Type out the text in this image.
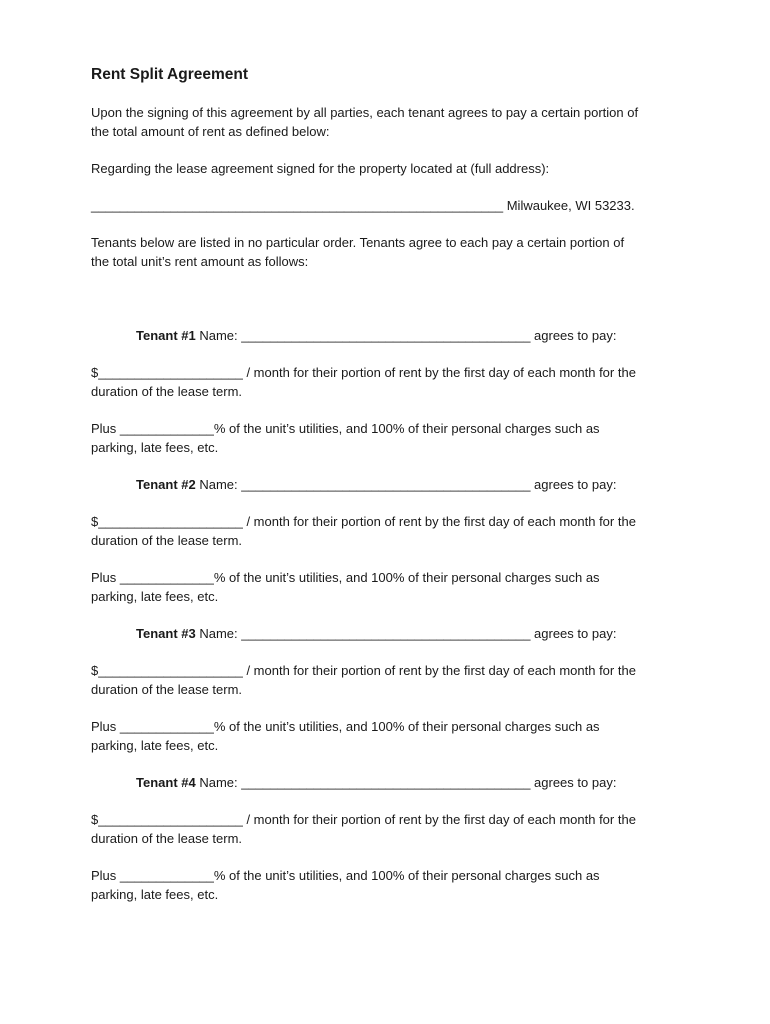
Rent Split Agreement
Upon the signing of this agreement by all parties, each tenant agrees to pay a certain portion of
the total amount of rent as defined below:
Regarding the lease agreement signed for the property located at (full address):
_________________________________________________________ Milwaukee, WI 53233.
Tenants below are listed in no particular order. Tenants agree to each pay a certain portion of
the total unit’s rent amount as follows:
Tenant #1 Name: ________________________________________ agrees to pay:
$____________________ / month for their portion of rent by the first day of each month for the
duration of the lease term.
Plus _____________% of the unit’s utilities, and 100% of their personal charges such as
parking, late fees, etc.
Tenant #2 Name: ________________________________________ agrees to pay:
$____________________ / month for their portion of rent by the first day of each month for the
duration of the lease term.
Plus _____________% of the unit’s utilities, and 100% of their personal charges such as
parking, late fees, etc.
Tenant #3 Name: ________________________________________ agrees to pay:
$____________________ / month for their portion of rent by the first day of each month for the
duration of the lease term.
Plus _____________% of the unit’s utilities, and 100% of their personal charges such as
parking, late fees, etc.
Tenant #4 Name: ________________________________________ agrees to pay:
$____________________ / month for their portion of rent by the first day of each month for the
duration of the lease term.
Plus _____________% of the unit’s utilities, and 100% of their personal charges such as
parking, late fees, etc.
